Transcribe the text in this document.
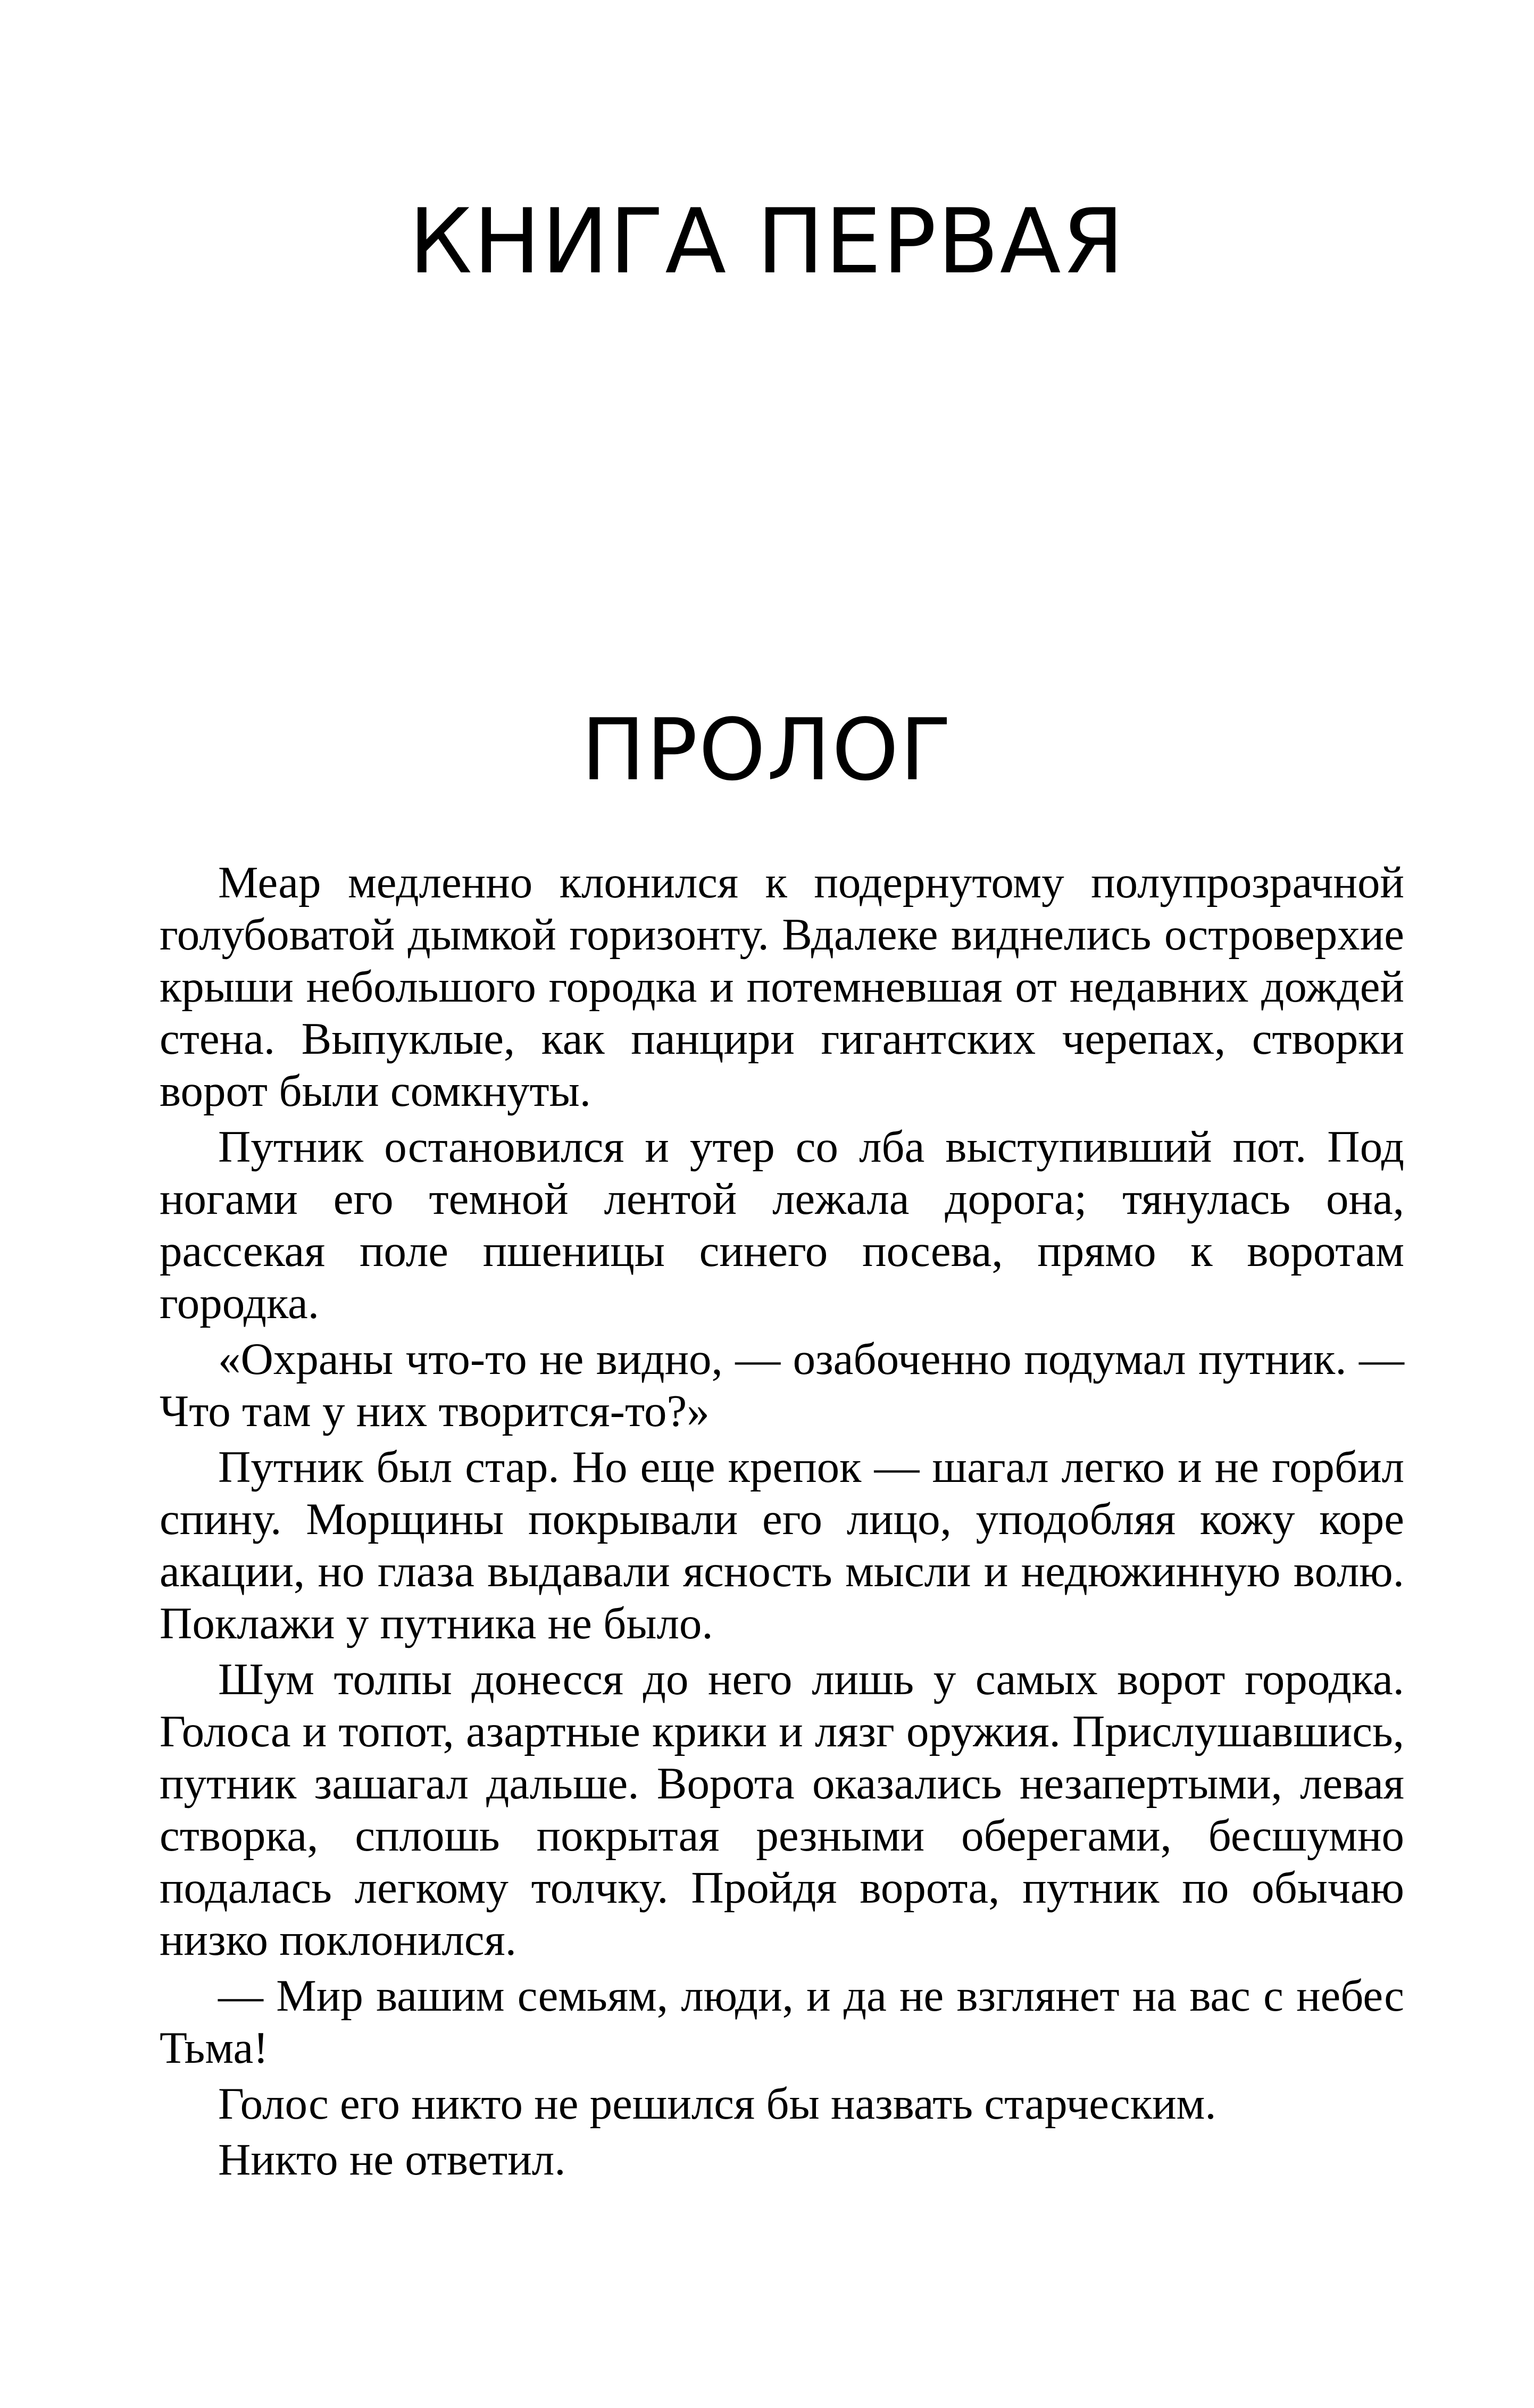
КНИГА ПЕРВАЯ
ПРОЛОГ

Меар медленно клонился к подернутому полупрозрачной голубоватой дымкой горизонту. Вдалеке виднелись островерхие крыши небольшого городка и потемневшая от недавних дождей стена. Выпуклые, как панцири гигантских черепах, створки ворот были сомкнуты.

Путник остановился и утер со лба выступивший пот. Под ногами его темной лентой лежала дорога; тянулась она, рассекая поле пшеницы синего посева, прямо к воротам городка.

«Охраны что-то не видно, — озабоченно подумал путник. — Что там у них творится-то?»

Путник был стар. Но еще крепок — шагал легко и не горбил спину. Морщины покрывали его лицо, уподобляя кожу коре акации, но глаза выдавали ясность мысли и недюжинную волю. Поклажи у путника не было.

Шум толпы донесся до него лишь у самых ворот городка. Голоса и топот, азартные крики и лязг оружия. Прислушавшись, путник зашагал дальше. Ворота оказались незапертыми, левая створка, сплошь покрытая резными оберегами, бесшумно подалась легкому толчку. Пройдя ворота, путник по обычаю низко поклонился.

— Мир вашим семьям, люди, и да не взглянет на вас с небес Тьма!

Голос его никто не решился бы назвать старческим.

Никто не ответил.
